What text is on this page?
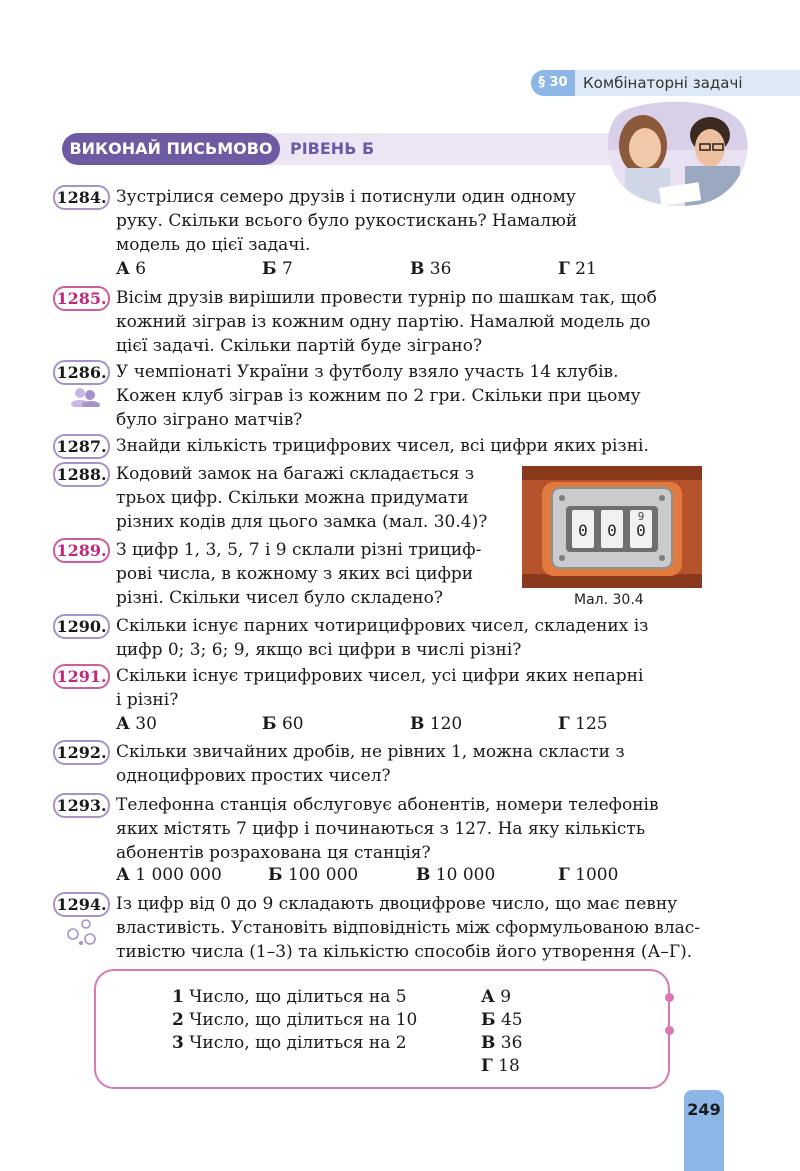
§ 30	Комбінаторні задачі
ВИКОНАЙ ПИСЬМОВО	РІВЕНЬ Б
1284. Зустрілися семеро друзів і потиснули один одному
руку. Скільки всього було рукостискань? Намалюй
модель до цієї задачі.
А 6	Б 7	В 36	Г 21
1285. Вісім друзів вирішили провести турнір по шашкам так, щоб
кожний зіграв із кожним одну партію. Намалюй модель до
цієї задачі. Скільки партій буде зіграно?
1286. У чемпіонаті України з футболу взяло участь 14 клубів.
Кожен клуб зіграв із кожним по 2 гри. Скільки при цьому
було зіграно матчів?
1287. Знайди кількість трицифрових чисел, всі цифри яких різні.
1288. Кодовий замок на багажі складається з
трьох цифр. Скільки можна придумати
різних кодів для цього замка (мал. 30.4)?	0 0 0
9
Мал. 30.4
1289. З цифр 1, 3, 5, 7 і 9 склали різні трициф-
рові числа, в кожному з яких всі цифри
різні. Скільки чисел було складено?
1290. Скільки існує парних чотирицифрових чисел, складених із
цифр 0; 3; 6; 9, якщо всі цифри в числі різні?
1291. Скільки існує трицифрових чисел, усі цифри яких непарні
і різні?
А 30	Б 60	В 120	Г 125
1292. Скільки звичайних дробів, не рівних 1, можна скласти з
одноцифрових простих чисел?
1293. Телефонна станція обслуговує абонентів, номери телефонів
яких містять 7 цифр і починаються з 127. На яку кількість
абонентів розрахована ця станція?
А 1 000 000	Б 100 000	В 10 000	Г 1000
1294. Із цифр від 0 до 9 складають двоцифрове число, що має певну
властивість. Установіть відповідність між сформульованою влас-
тивістю числа (1–3) та кількістю способів його утворення (А–Г).
1 Число, що ділиться на 5
2 Число, що ділиться на 10
3 Число, що ділиться на 2
А 9
Б 45
В 36
Г 18
249
